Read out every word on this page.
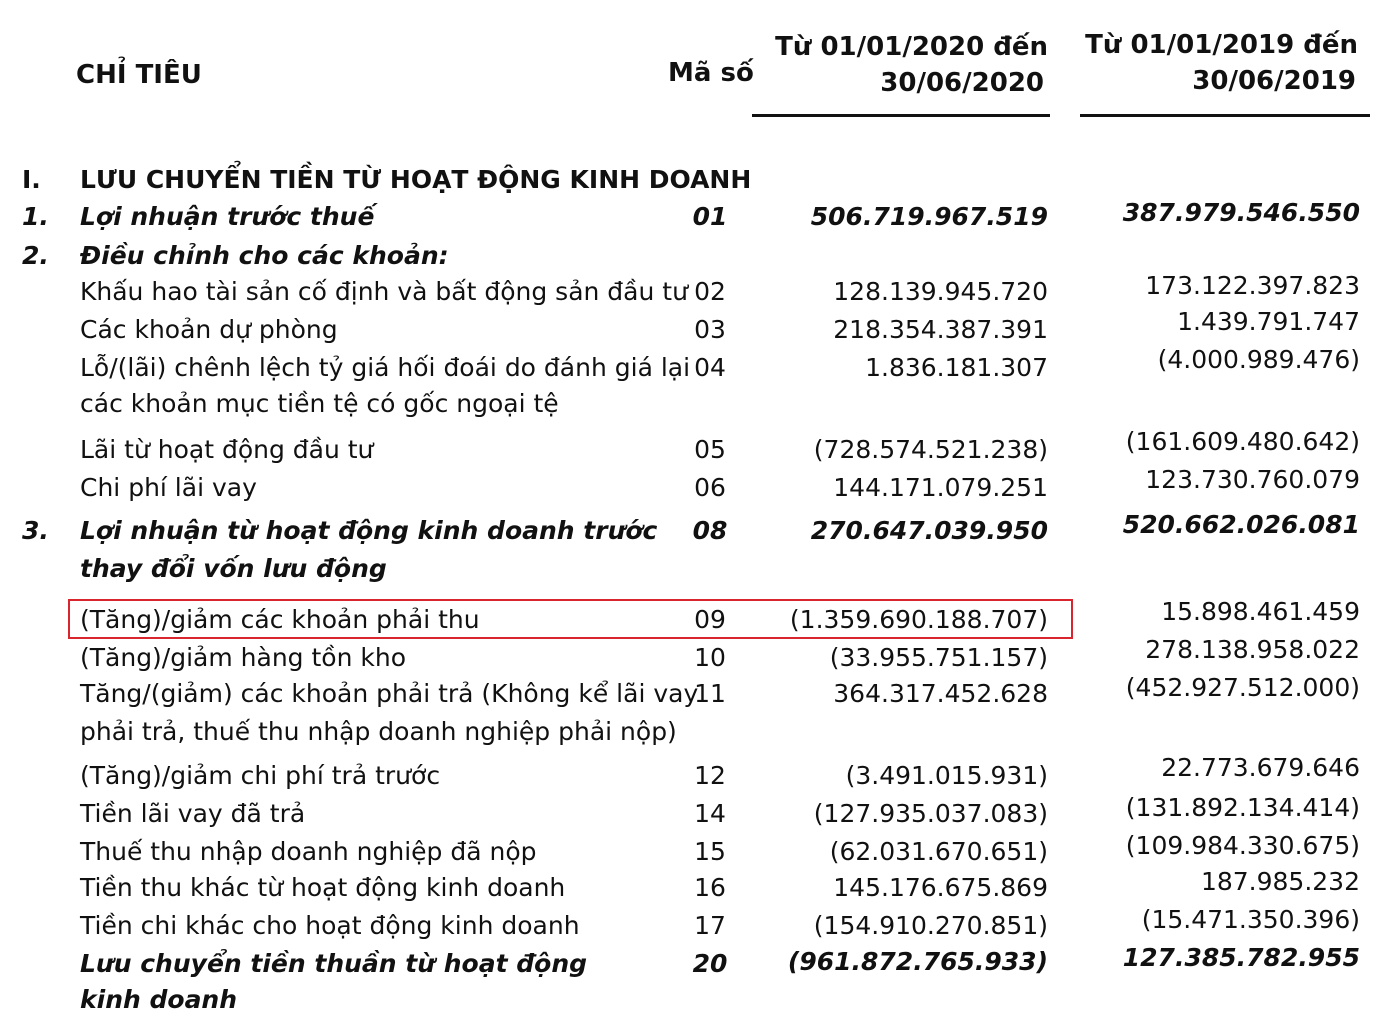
CHỈ TIÊU	Mã số
Từ 01/01/2020 đến
30/06/2020
Từ 01/01/2019 đến
30/06/2019
I. LƯU CHUYỂN TIỀN TỪ HOẠT ĐỘNG KINH DOANH
1. Lợi nhuận trước thuế	01	506.719.967.519	387.979.546.550
2. Điều chỉnh cho các khoản:
Khấu hao tài sản cố định và bất động sản đầu tư 02	128.139.945.720	173.122.397.823
Các khoản dự phòng	03	218.354.387.391	1.439.791.747
Lỗ/(lãi) chênh lệch tỷ giá hối đoái do đánh giá lại
các khoản mục tiền tệ có gốc ngoại tệ
04	1.836.181.307	(4.000.989.476)
Lãi từ hoạt động đầu tư	05	(728.574.521.238)	(161.609.480.642)
Chi phí lãi vay	06	144.171.079.251	123.730.760.079
3. Lợi nhuận từ hoạt động kinh doanh trước
thay đổi vốn lưu động
08	270.647.039.950	520.662.026.081
(Tăng)/giảm các khoản phải thu	09	(1.359.690.188.707)	15.898.461.459
(Tăng)/giảm hàng tồn kho	10	(33.955.751.157)	278.138.958.022
Tăng/(giảm) các khoản phải trả (Không kể lãi vay
phải trả, thuế thu nhập doanh nghiệp phải nộp)
11	364.317.452.628	(452.927.512.000)
(Tăng)/giảm chi phí trả trước	12	(3.491.015.931)	22.773.679.646
Tiền lãi vay đã trả	14	(127.935.037.083)	(131.892.134.414)
Thuế thu nhập doanh nghiệp đã nộp	15	(62.031.670.651)	(109.984.330.675)
Tiền thu khác từ hoạt động kinh doanh	16	145.176.675.869	187.985.232
Tiền chi khác cho hoạt động kinh doanh	17	(154.910.270.851)	(15.471.350.396)
Lưu chuyển tiền thuần từ hoạt động
kinh doanh
20	(961.872.765.933)	127.385.782.955
